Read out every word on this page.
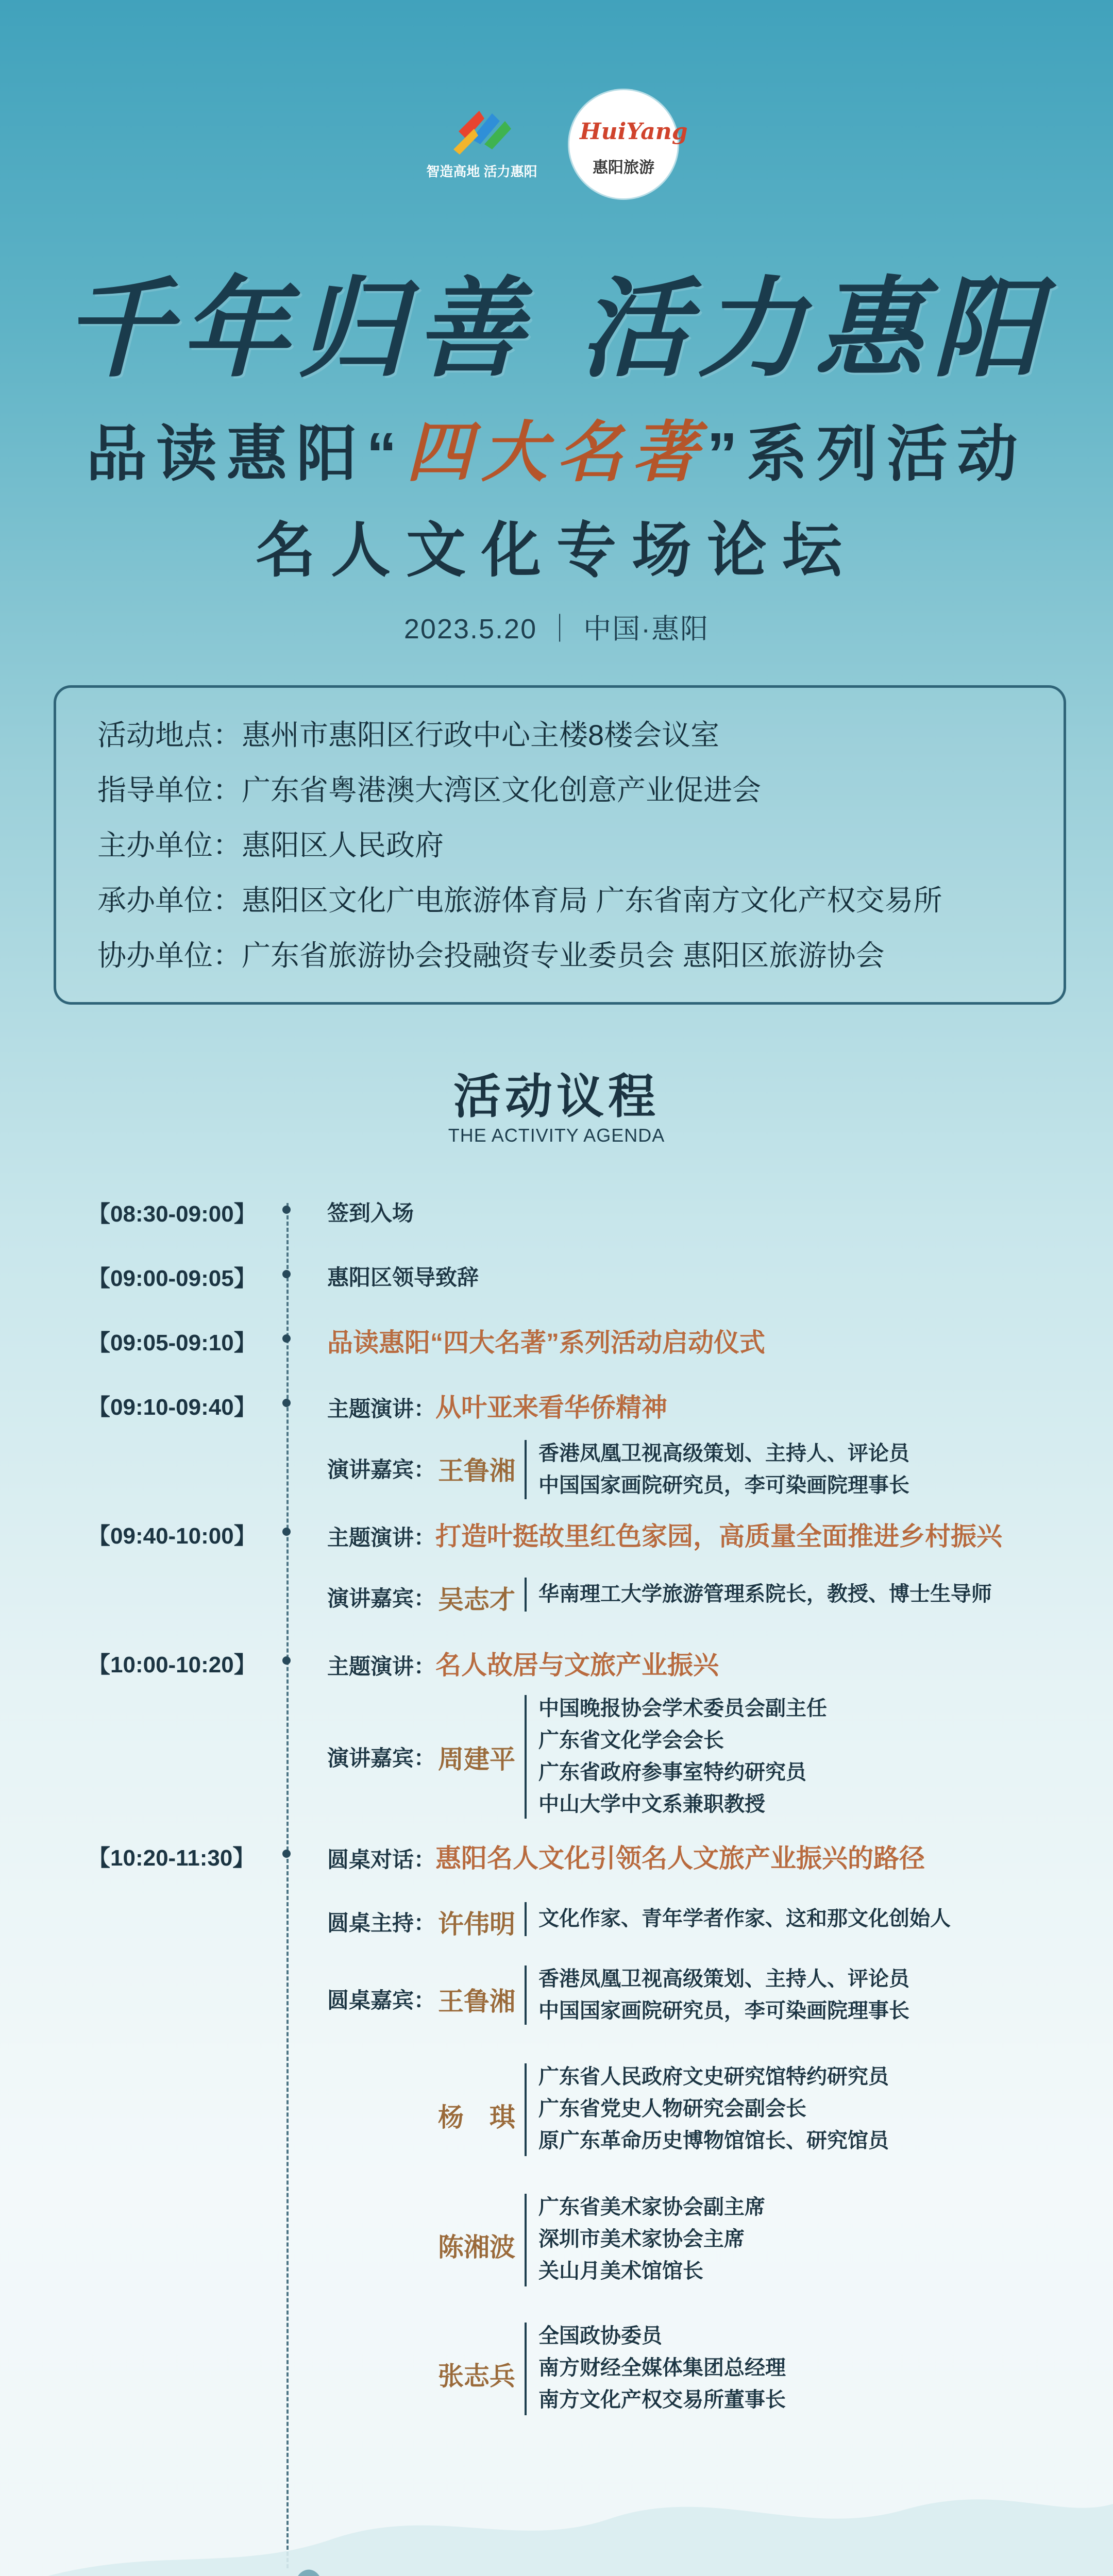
智造高地 活力惠阳
HuiYang
惠阳旅游
千年归善 活力惠阳
品读惠阳“四大名著”系列活动
名人文化专场论坛
2023.5.20 ｜ 中国·惠阳
活动地点：惠州市惠阳区行政中心主楼8楼会议室
指导单位：广东省粤港澳大湾区文化创意产业促进会
主办单位：惠阳区人民政府
承办单位：惠阳区文化广电旅游体育局 广东省南方文化产权交易所
协办单位：广东省旅游协会投融资专业委员会 惠阳区旅游协会
活动议程
THE ACTIVITY AGENDA
【08:30-09:00】
【09:00-09:05】
【09:05-09:10】
【09:10-09:40】
【09:40-10:00】
【10:00-10:20】
【10:20-11:30】
签到入场
惠阳区领导致辞
品读惠阳“四大名著”系列活动启动仪式
主题演讲：从叶亚来看华侨精神
演讲嘉宾： 王鲁湘
香港凤凰卫视高级策划、主持人、评论员
中国国家画院研究员，李可染画院理事长
主题演讲：打造叶挺故里红色家园，高质量全面推进乡村振兴
演讲嘉宾： 吴志才 华南理工大学旅游管理系院长，教授、博士生导师
主题演讲：名人故居与文旅产业振兴
演讲嘉宾： 周建平
中国晚报协会学术委员会副主任
广东省文化学会会长
广东省政府参事室特约研究员
中山大学中文系兼职教授
圆桌对话：惠阳名人文化引领名人文旅产业振兴的路径
圆桌主持： 许伟明 文化作家、青年学者作家、这和那文化创始人
圆桌嘉宾： 王鲁湘
香港凤凰卫视高级策划、主持人、评论员
中国国家画院研究员，李可染画院理事长
杨　琪
广东省人民政府文史研究馆特约研究员
广东省党史人物研究会副会长
原广东革命历史博物馆馆长、研究馆员
陈湘波
广东省美术家协会副主席
深圳市美术家协会主席
关山月美术馆馆长
张志兵
全国政协委员
南方财经全媒体集团总经理
南方文化产权交易所董事长
